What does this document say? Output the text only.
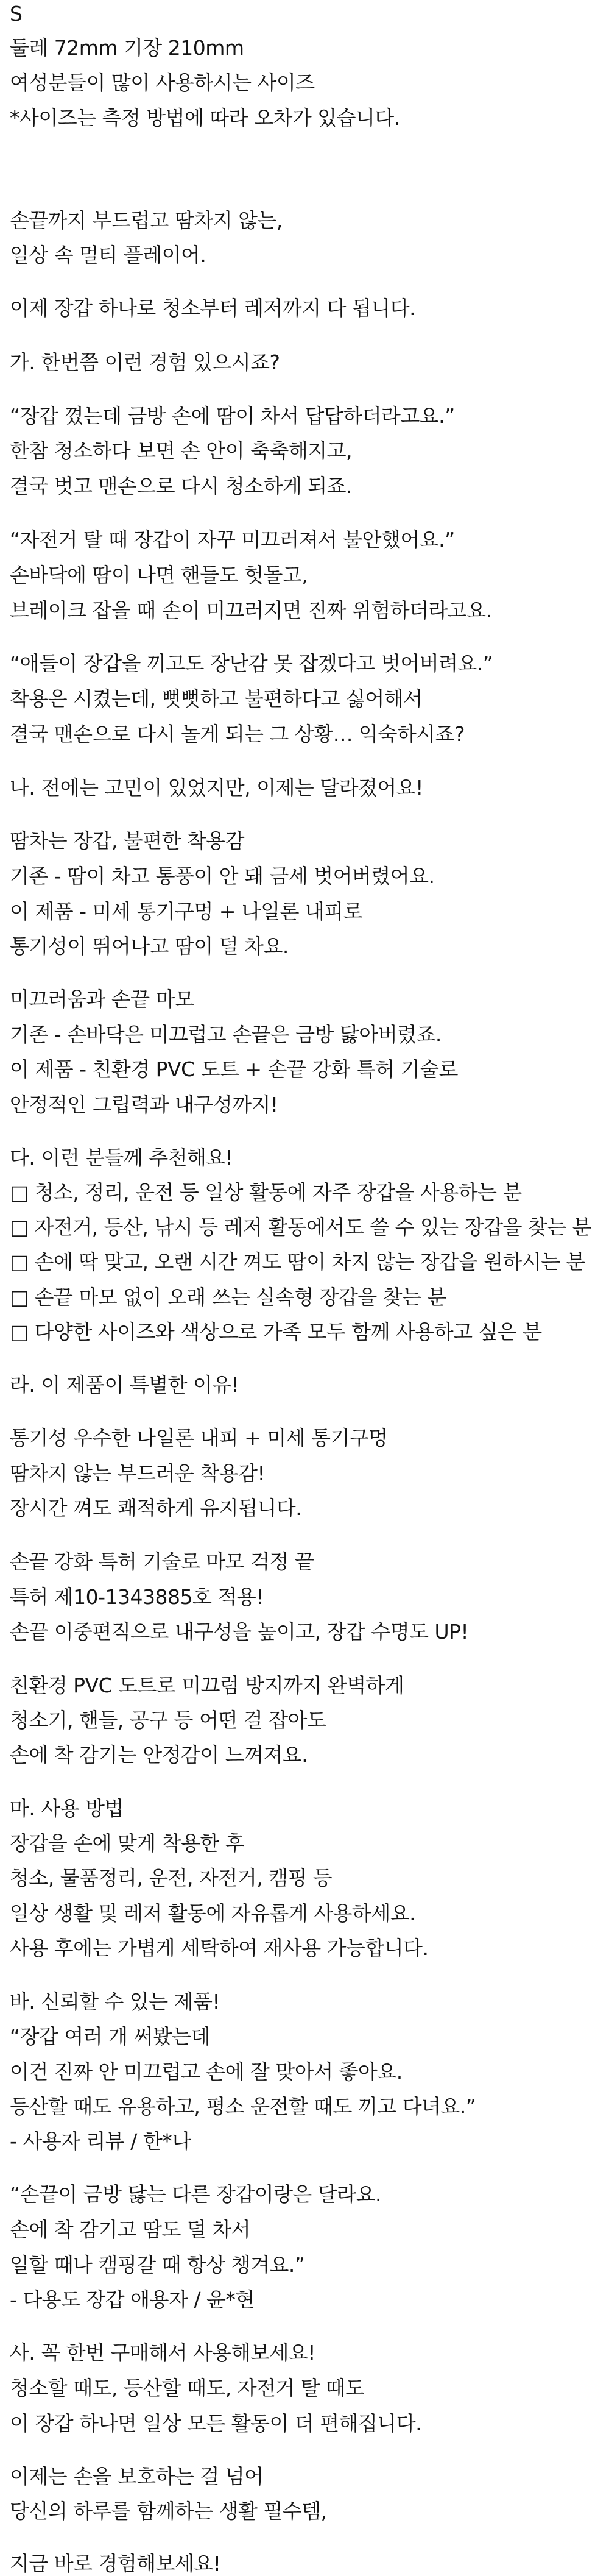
S

둘레 72mm 기장 210mm

여성분들이 많이 사용하시는 사이즈

*사이즈는 측정 방법에 따라 오차가 있습니다.

손끝까지 부드럽고 땀차지 않는,

일상 속 멀티 플레이어.

이제 장갑 하나로 청소부터 레저까지 다 됩니다.

가. 한번쯤 이런 경험 있으시죠?

“장갑 꼈는데 금방 손에 땀이 차서 답답하더라고요.”

한참 청소하다 보면 손 안이 축축해지고,

결국 벗고 맨손으로 다시 청소하게 되죠.

“자전거 탈 때 장갑이 자꾸 미끄러져서 불안했어요.”

손바닥에 땀이 나면 핸들도 헛돌고,

브레이크 잡을 때 손이 미끄러지면 진짜 위험하더라고요.

“애들이 장갑을 끼고도 장난감 못 잡겠다고 벗어버려요.”

착용은 시켰는데, 뻣뻣하고 불편하다고 싫어해서

결국 맨손으로 다시 놀게 되는 그 상황… 익숙하시죠?

나. 전에는 고민이 있었지만, 이제는 달라졌어요!

땀차는 장갑, 불편한 착용감

기존 - 땀이 차고 통풍이 안 돼 금세 벗어버렸어요.

이 제품 - 미세 통기구멍 + 나일론 내피로

통기성이 뛰어나고 땀이 덜 차요.

미끄러움과 손끝 마모

기존 - 손바닥은 미끄럽고 손끝은 금방 닳아버렸죠.

이 제품 - 친환경 PVC 도트 + 손끝 강화 특허 기술로

안정적인 그립력과 내구성까지!

다. 이런 분들께 추천해요!

□ 청소, 정리, 운전 등 일상 활동에 자주 장갑을 사용하는 분

□ 자전거, 등산, 낚시 등 레저 활동에서도 쓸 수 있는 장갑을 찾는 분

□ 손에 딱 맞고, 오랜 시간 껴도 땀이 차지 않는 장갑을 원하시는 분

□ 손끝 마모 없이 오래 쓰는 실속형 장갑을 찾는 분

□ 다양한 사이즈와 색상으로 가족 모두 함께 사용하고 싶은 분

라. 이 제품이 특별한 이유!

통기성 우수한 나일론 내피 + 미세 통기구멍

땀차지 않는 부드러운 착용감!

장시간 껴도 쾌적하게 유지됩니다.

손끝 강화 특허 기술로 마모 걱정 끝

특허 제10-1343885호 적용!

손끝 이중편직으로 내구성을 높이고, 장갑 수명도 UP!

친환경 PVC 도트로 미끄럼 방지까지 완벽하게

청소기, 핸들, 공구 등 어떤 걸 잡아도

손에 착 감기는 안정감이 느껴져요.

마. 사용 방법

장갑을 손에 맞게 착용한 후

청소, 물품정리, 운전, 자전거, 캠핑 등

일상 생활 및 레저 활동에 자유롭게 사용하세요.

사용 후에는 가볍게 세탁하여 재사용 가능합니다.

바. 신뢰할 수 있는 제품!

“장갑 여러 개 써봤는데

이건 진짜 안 미끄럽고 손에 잘 맞아서 좋아요.

등산할 때도 유용하고, 평소 운전할 때도 끼고 다녀요.”

- 사용자 리뷰 / 한*나

“손끝이 금방 닳는 다른 장갑이랑은 달라요.

손에 착 감기고 땀도 덜 차서

일할 때나 캠핑갈 때 항상 챙겨요.”

- 다용도 장갑 애용자 / 윤*현

사. 꼭 한번 구매해서 사용해보세요!

청소할 때도, 등산할 때도, 자전거 탈 때도

이 장갑 하나면 일상 모든 활동이 더 편해집니다.

이제는 손을 보호하는 걸 넘어

당신의 하루를 함께하는 생활 필수템,

지금 바로 경험해보세요!
